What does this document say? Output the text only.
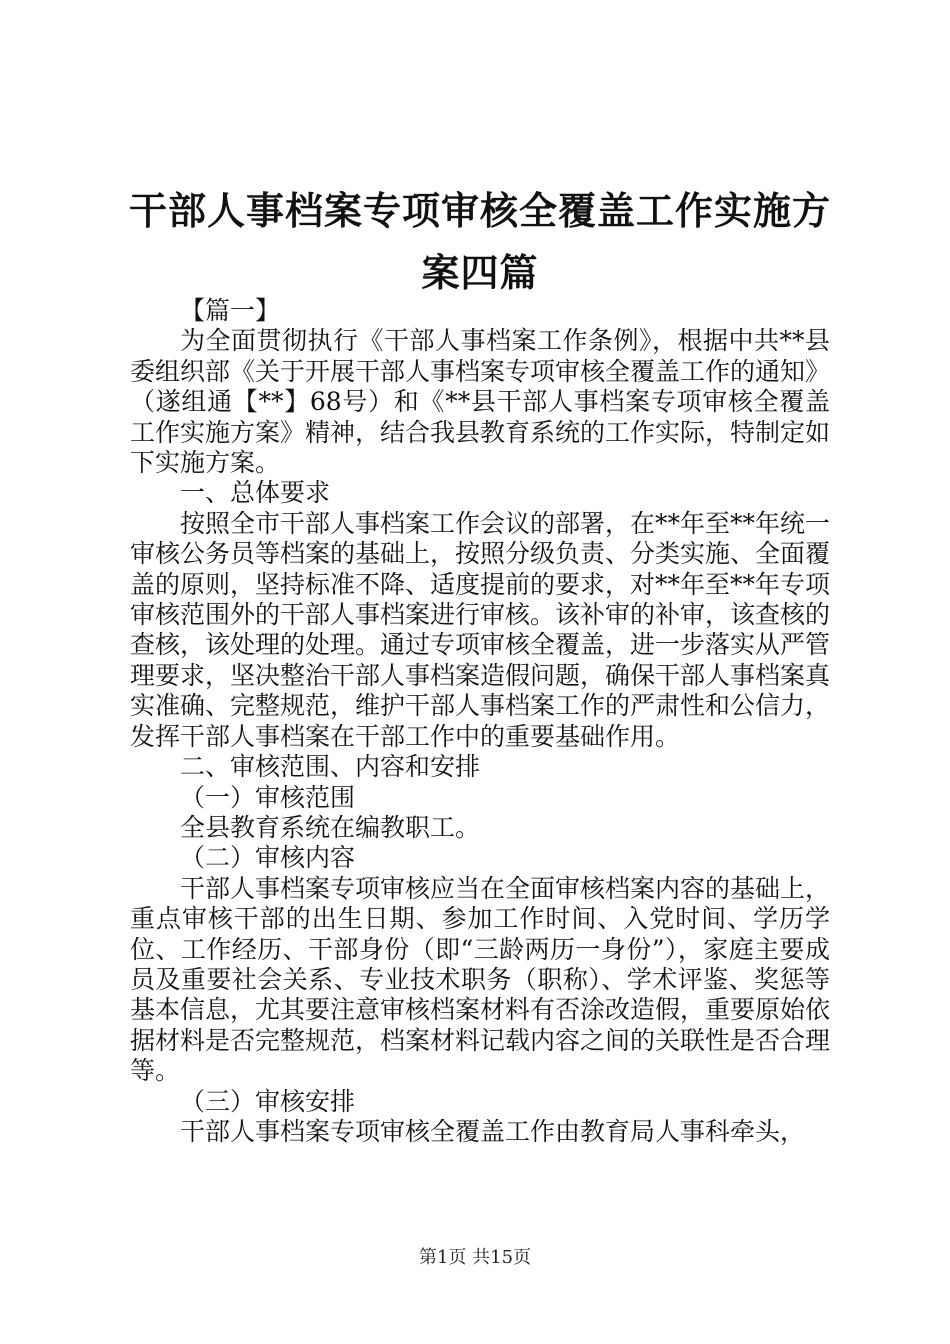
干部人事档案专项审核全覆盖工作实施方案四篇

【篇一】

为全面贯彻执行《干部人事档案工作条例》，根据中共**县委组织部《关于开展干部人事档案专项审核全覆盖工作的通知》（遂组通【**】68号）和《**县干部人事档案专项审核全覆盖工作实施方案》精神，结合我县教育系统的工作实际，特制定如下实施方案。

一、总体要求

按照全市干部人事档案工作会议的部署，在**年至**年统一审核公务员等档案的基础上，按照分级负责、分类实施、全面覆盖的原则，坚持标准不降、适度提前的要求，对**年至**年专项审核范围外的干部人事档案进行审核。该补审的补审，该查核的查核，该处理的处理。通过专项审核全覆盖，进一步落实从严管理要求，坚决整治干部人事档案造假问题，确保干部人事档案真实准确、完整规范，维护干部人事档案工作的严肃性和公信力，发挥干部人事档案在干部工作中的重要基础作用。

二、审核范围、内容和安排

（一）审核范围

全县教育系统在编教职工。

（二）审核内容

干部人事档案专项审核应当在全面审核档案内容的基础上，重点审核干部的出生日期、参加工作时间、入党时间、学历学位、工作经历、干部身份（即“三龄两历一身份”），家庭主要成员及重要社会关系、专业技术职务（职称）、学术评鉴、奖惩等基本信息，尤其要注意审核档案材料有否涂改造假，重要原始依据材料是否完整规范，档案材料记载内容之间的关联性是否合理等。

（三）审核安排

干部人事档案专项审核全覆盖工作由教育局人事科牵头，

第1页 共15页
